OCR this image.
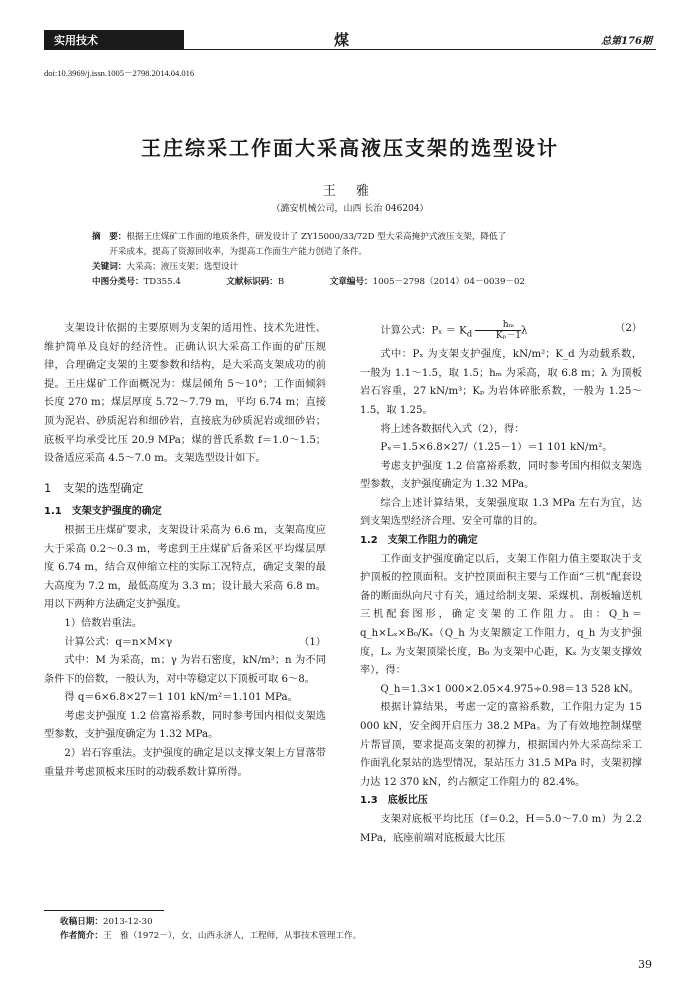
实用技术	煤	总第176期
doi:10.3969/j.issn.1005－2798.2014.04.016
王庄综采工作面大采高液压支架的选型设计
王 雅
（潞安机械公司，山西 长治 046204）
摘　要：根据王庄煤矿工作面的地质条件，研发设计了 ZY15000/33/72D 型大采高掩护式液压支架，降低了
开采成本，提高了资源回收率，为提高工作面生产能力创造了条件。
关键词：大采高；液压支架；选型设计
中图分类号：TD355.4	文献标识码：B	文章编号：1005－2798（2014）04－0039－02

支架设计依据的主要原则为支架的适用性、技术先进性、维护简单及良好的经济性。正确认识大采高工作面的矿压规律，合理确定支架的主要参数和结构，是大采高支架成功的前提。王庄煤矿工作面概况为：煤层倾角 5～10°；工作面倾斜长度 270 m；煤层厚度 5.72～7.79 m，平均 6.74 m；直接顶为泥岩、砂质泥岩和细砂岩，直接底为砂质泥岩或细砂岩；底板平均承受比压 20.9 MPa；煤的普氏系数 f＝1.0～1.5；设备适应采高 4.5～7.0 m。支架选型设计如下。

1　支架的选型确定

1.1　支架支护强度的确定

根据王庄煤矿要求，支架设计采高为 6.6 m，支架高度应大于采高 0.2～0.3 m，考虑到王庄煤矿后备采区平均煤层厚度 6.74 m，结合双伸缩立柱的实际工况特点，确定支架的最大高度为 7.2 m，最低高度为 3.3 m；设计最大采高 6.8 m。用以下两种方法确定支护强度。

1）倍数岩重法。

计算公式：q＝n×M×γ	（1）

式中：M 为采高，m；γ 为岩石密度，kN/m³；n 为不同条件下的倍数，一般认为，对中等稳定以下顶板可取 6～8。

得 q＝6×6.8×27＝1 101 kN/m²＝1.101 MPa。

考虑支护强度 1.2 倍富裕系数，同时参考国内相似支架选型参数，支护强度确定为 1.32 MPa。

2）岩石容重法。支护强度的确定是以支撑支架上方冒落带重量并考虑顶板来压时的动载系数计算所得。

计算公式：$P_x = K_d \frac{\text{hₘ}}{\text{Kₚ－1}}$ λ	（2）

式中：Pₓ 为支架支护强度，kN/m²；K_d 为动载系数，一般为 1.1～1.5，取 1.5；hₘ 为采高，取 6.8 m；λ 为顶板岩石容重，27 kN/m³；Kₚ 为岩体碎胀系数，一般为 1.25～1.5，取 1.25。

将上述各数据代入式（2），得：

Pₓ＝1.5×6.8×27/（1.25－1）＝1 101 kN/m²。

考虑支护强度 1.2 倍富裕系数，同时参考国内相似支架选型参数，支护强度确定为 1.32 MPa。

综合上述计算结果，支架强度取 1.3 MPa 左右为宜，达到支架选型经济合理、安全可靠的目的。

1.2　支架工作阻力的确定

工作面支护强度确定以后，支架工作阻力值主要取决于支护顶板的控顶面积。支护控顶面积主要与工作面“三机”配套设备的断面纵向尺寸有关，通过给制支架、采煤机、刮板输送机三机配套图形，确定支架的工作阻力。由：Q_h＝q_h×Lₓ×B₀/Kₓ（Q_h 为支架额定工作阻力，q_h 为支护强度，Lₓ 为支架顶梁长度，B₀ 为支架中心距，Kₓ 为支架支撑效率），得：

Q_h＝1.3×1 000×2.05×4.975÷0.98＝13 528 kN。

根据计算结果，考虑一定的富裕系数，工作阻力定为 15 000 kN，安全阀开启压力 38.2 MPa。为了有效地控制煤壁片帮冒顶，要求提高支架的初撑力，根据国内外大采高综采工作面乳化泵站的选型情况，泵站压力 31.5 MPa 时，支架初撑力达 12 370 kN，约占额定工作阻力的 82.4%。

1.3　底板比压

支架对底板平均比压（f＝0.2，H＝5.0～7.0 m）为 2.2 MPa，底座前端对底板最大比压

收稿日期：2013-12-30
作者简介：王　雅（1972－），女，山西永济人，工程师，从事技术管理工作。
39
